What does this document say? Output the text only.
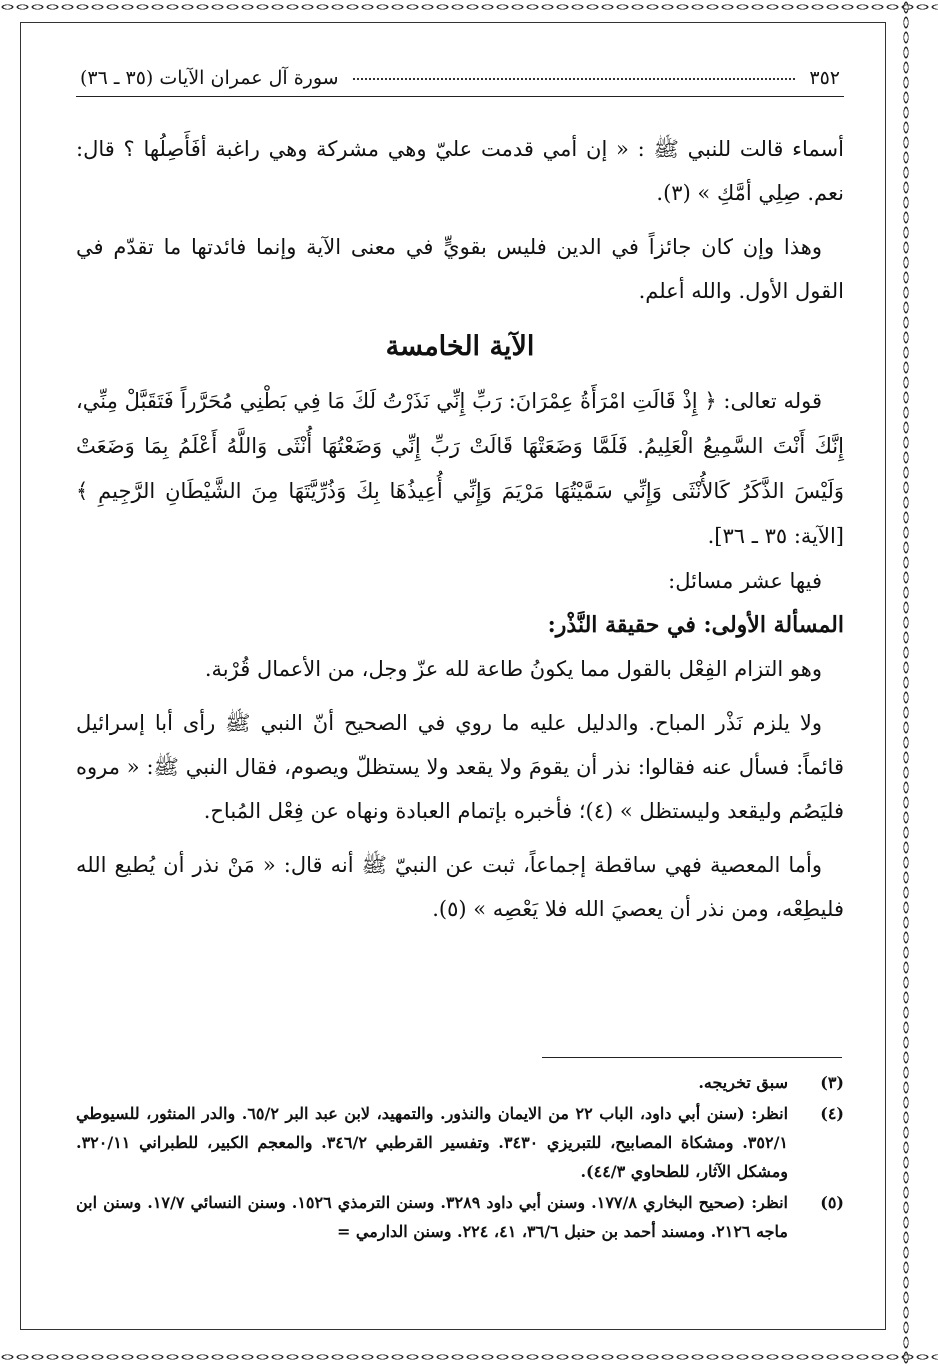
٣٥٢
سورة آل عمران الآيات (٣٥ ـ ٣٦)

أسماء قالت للنبي ﷺ : « إن أمي قدمت عليّ وهي مشركة وهي راغبة أفَأَصِلُها ؟ قال: نعم. صِلِي أمَّكِ » (٣).

وهذا وإن كان جائزاً في الدين فليس بقويٍّ في معنى الآية وإنما فائدتها ما تقدّم في القول الأول. والله أعلم.

الآية الخامسة

قوله تعالى: ﴿ إِذْ قَالَتِ امْرَأَةُ عِمْرَانَ: رَبِّ إِنِّي نَذَرْتُ لَكَ مَا فِي بَطْنِي مُحَرَّراً فَتَقَبَّلْ مِنِّي، إِنَّكَ أَنْتَ السَّمِيعُ الْعَلِيمُ. فَلَمَّا وَضَعَتْهَا قَالَتْ رَبِّ إِنِّي وَضَعْتُهَا أُنْثَى وَاللَّهُ أَعْلَمُ بِمَا وَضَعَتْ وَلَيْسَ الذَّكَرُ كَالأُنْثَى وَإِنِّي سَمَّيْتُهَا مَرْيَمَ وَإِنِّي أُعِيذُهَا بِكَ وَذُرِّيَّتَهَا مِنَ الشَّيْطَانِ الرَّجِيمِ ﴾ [الآية: ٣٥ ـ ٣٦].

فيها عشر مسائل:

المسألة الأولى: في حقيقة النَّذْر:

وهو التزام الفِعْل بالقول مما يكونُ طاعة لله عزّ وجل، من الأعمال قُرْبة.

ولا يلزم نَذْر المباح. والدليل عليه ما روي في الصحيح أنّ النبي ﷺ رأى أبا إسرائيل قائماً: فسأل عنه فقالوا: نذر أن يقومَ ولا يقعد ولا يستظلّ ويصوم، فقال النبي ﷺ: « مروه فليَصُم وليقعد وليستظل » (٤)؛ فأخبره بإتمام العبادة ونهاه عن فِعْل المُباح.

وأما المعصية فهي ساقطة إجماعاً، ثبت عن النبيّ ﷺ أنه قال: « مَنْ نذر أن يُطيع الله فليطِعْه، ومن نذر أن يعصيَ الله فلا يَعْصِه » (٥).

(٣)
سبق تخريجه.
(٤)
انظر: (سنن أبي داود، الباب ٢٢ من الايمان والنذور. والتمهيد، لابن عبد البر ٦٥/٢. والدر المنثور، للسيوطي ٣٥٢/١. ومشكاة المصابيح، للتبريزي ٣٤٣٠. وتفسير القرطبي ٣٤٦/٢. والمعجم الكبير، للطبراني ٣٢٠/١١. ومشكل الآثار، للطحاوي ٤٤/٣).
(٥)
انظر: (صحيح البخاري ١٧٧/٨. وسنن أبي داود ٣٢٨٩. وسنن الترمذي ١٥٢٦. وسنن النسائي ١٧/٧. وسنن ابن ماجه ٢١٢٦. ومسند أحمد بن حنبل ٣٦/٦، ٤١، ٢٢٤. وسنن الدارمي =
